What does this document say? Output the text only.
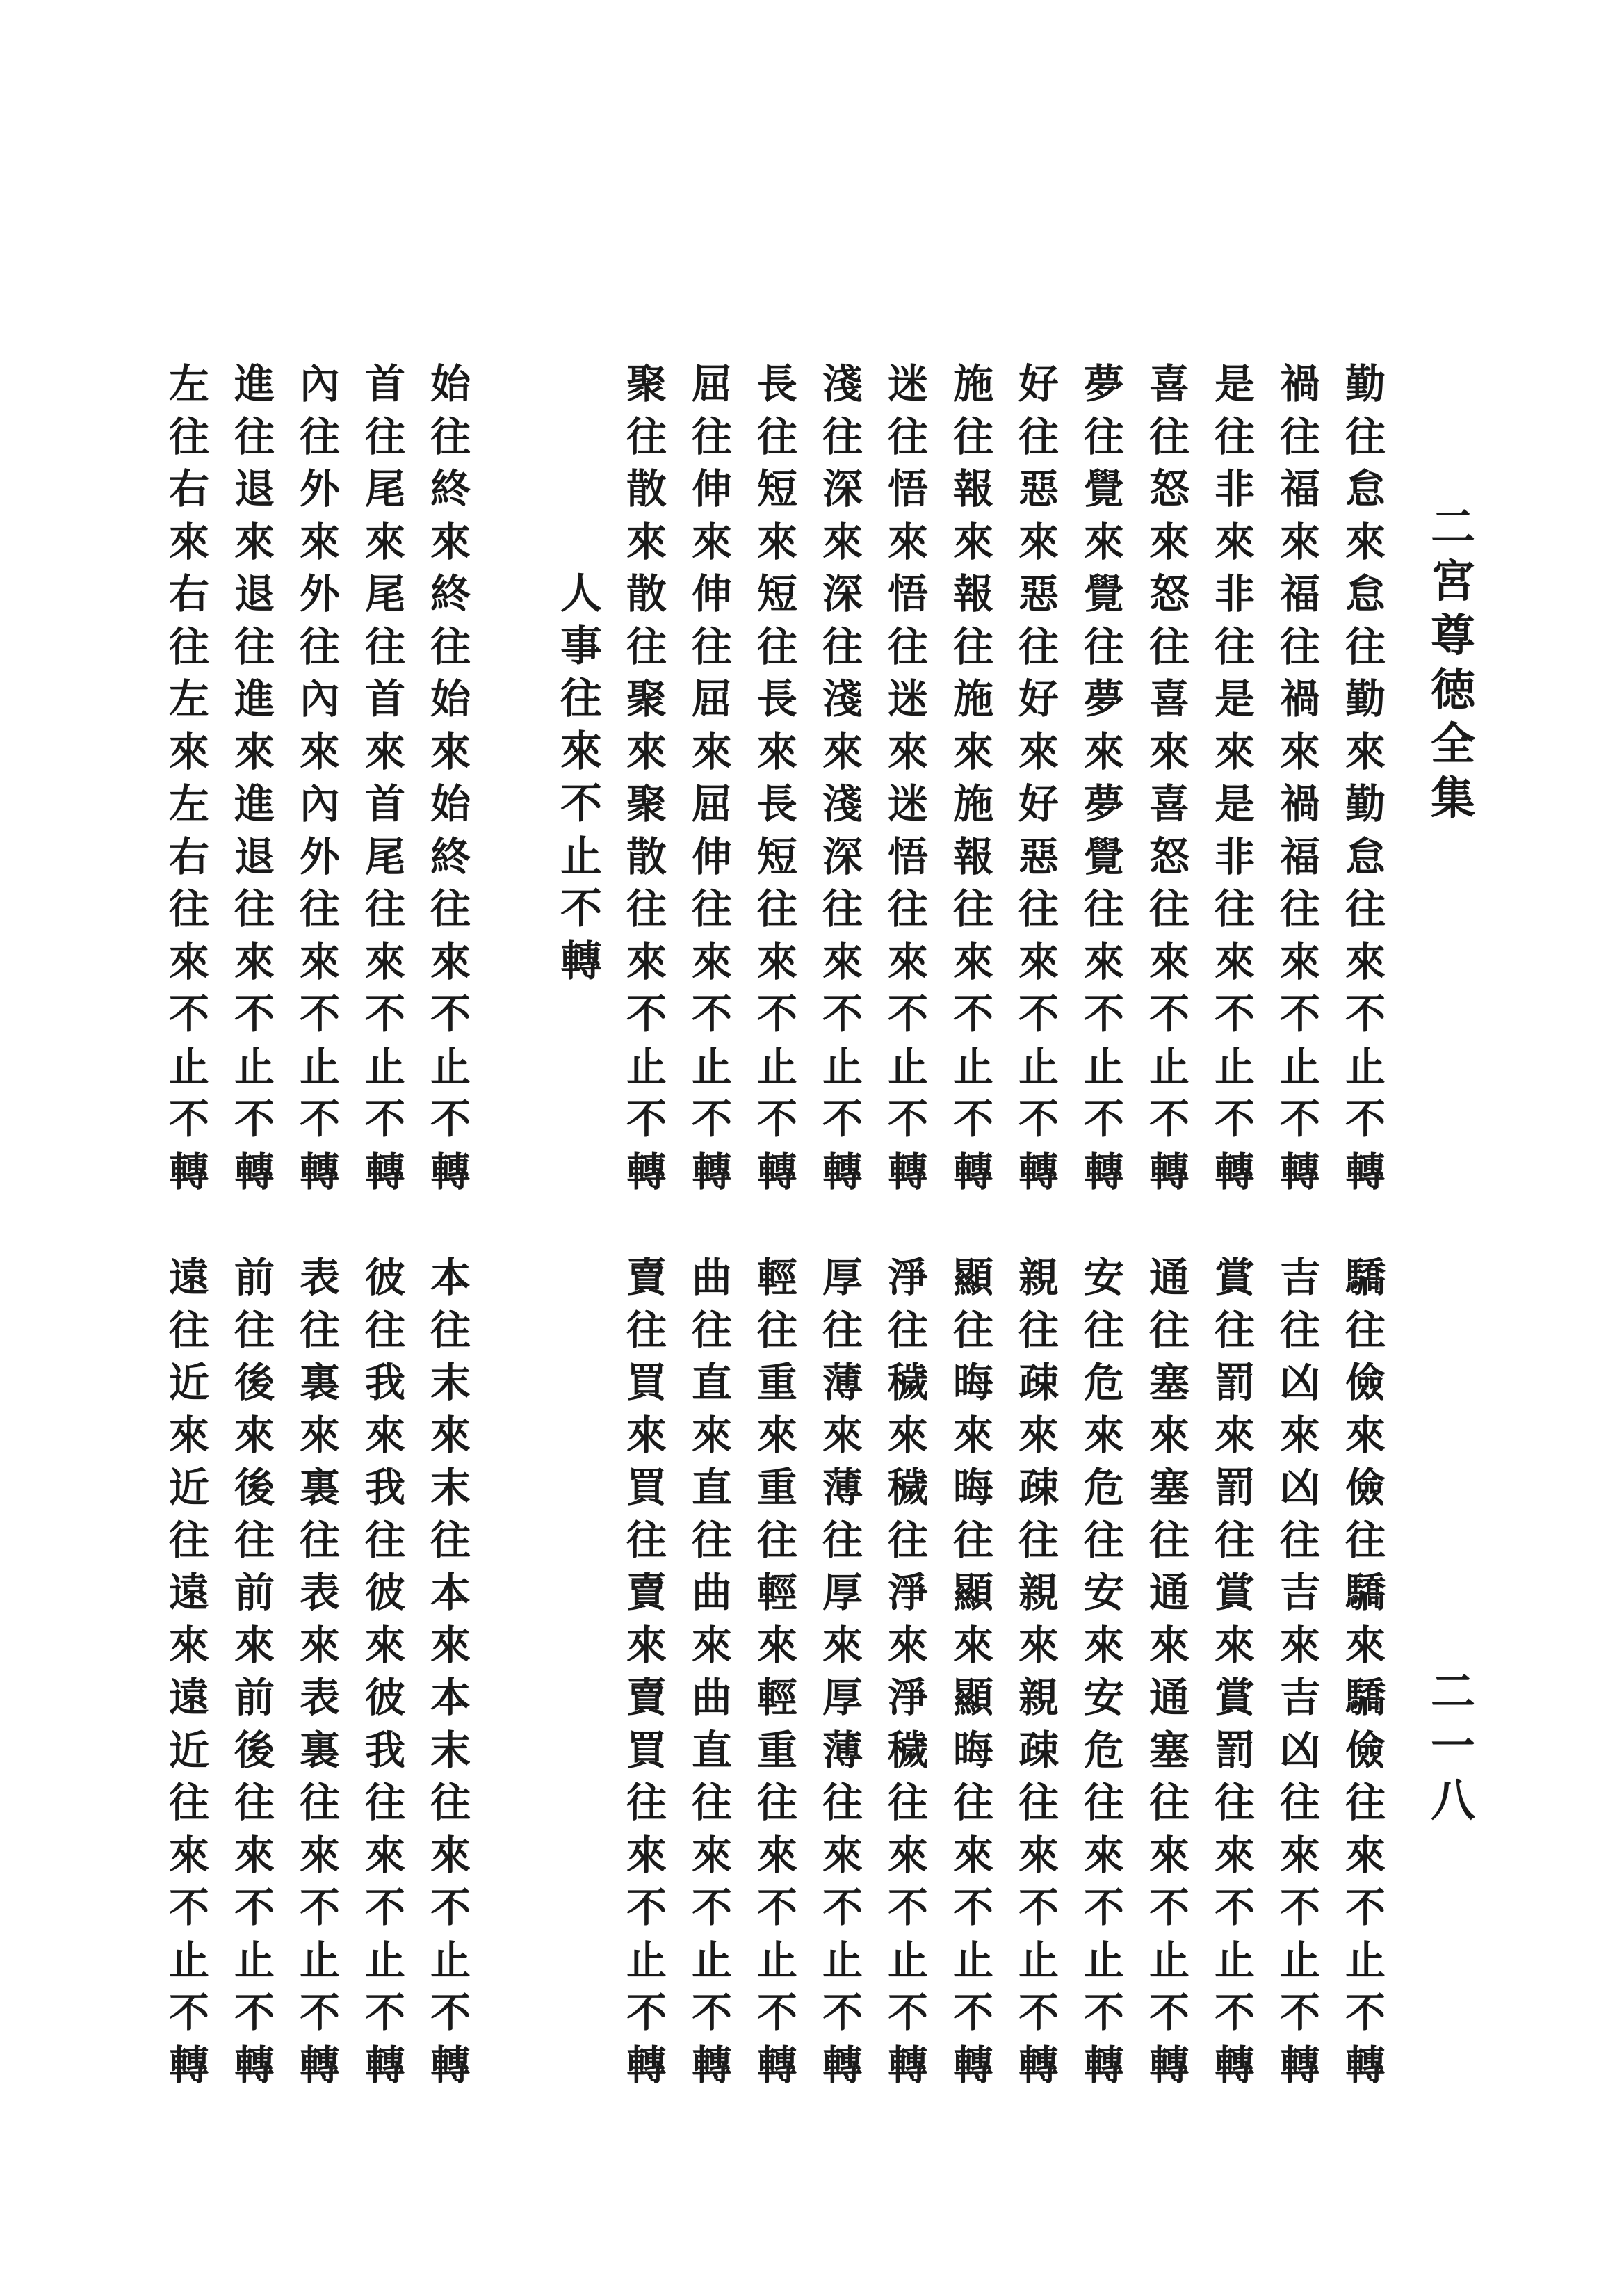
二
宮
尊
徳
全
集
二
一
八
勤
往
怠
來
怠
往
勤
來
勤
怠
往
來
不
止
不
轉
禍
往
福
來
福
往
禍
來
禍
福
往
來
不
止
不
轉
是
往
非
來
非
往
是
來
是
非
往
來
不
止
不
轉
喜
往
怒
來
怒
往
喜
來
喜
怒
往
來
不
止
不
轉
夢
往
覺
來
覺
往
夢
來
夢
覺
往
來
不
止
不
轉
好
往
惡
來
惡
往
好
來
好
惡
往
來
不
止
不
轉
施
往
報
來
報
往
施
來
施
報
往
來
不
止
不
轉
迷
往
悟
來
悟
往
迷
來
迷
悟
往
來
不
止
不
轉
淺
往
深
來
深
往
淺
來
淺
深
往
來
不
止
不
轉
長
往
短
來
短
往
長
來
長
短
往
來
不
止
不
轉
屈
往
伸
來
伸
往
屈
來
屈
伸
往
來
不
止
不
轉
聚
往
散
來
散
往
聚
來
聚
散
往
來
不
止
不
轉
人
事
往
來
不
止
不
轉
始
往
終
來
終
往
始
來
始
終
往
來
不
止
不
轉
首
往
尾
來
尾
往
首
來
首
尾
往
來
不
止
不
轉
內
往
外
來
外
往
內
來
內
外
往
來
不
止
不
轉
進
往
退
來
退
往
進
來
進
退
往
來
不
止
不
轉
左
往
右
來
右
往
左
來
左
右
往
來
不
止
不
轉
驕
往
儉
來
儉
往
驕
來
驕
儉
往
來
不
止
不
轉
吉
往
凶
來
凶
往
吉
來
吉
凶
往
來
不
止
不
轉
賞
往
罰
來
罰
往
賞
來
賞
罰
往
來
不
止
不
轉
通
往
塞
來
塞
往
通
來
通
塞
往
來
不
止
不
轉
安
往
危
來
危
往
安
來
安
危
往
來
不
止
不
轉
親
往
疎
來
疎
往
親
來
親
疎
往
來
不
止
不
轉
顯
往
晦
來
晦
往
顯
來
顯
晦
往
來
不
止
不
轉
淨
往
穢
來
穢
往
淨
來
淨
穢
往
來
不
止
不
轉
厚
往
薄
來
薄
往
厚
來
厚
薄
往
來
不
止
不
轉
輕
往
重
來
重
往
輕
來
輕
重
往
來
不
止
不
轉
曲
往
直
來
直
往
曲
來
曲
直
往
來
不
止
不
轉
賣
往
買
來
買
往
賣
來
賣
買
往
來
不
止
不
轉
本
往
末
來
末
往
本
來
本
末
往
來
不
止
不
轉
彼
往
我
來
我
往
彼
來
彼
我
往
來
不
止
不
轉
表
往
裏
來
裏
往
表
來
表
裏
往
來
不
止
不
轉
前
往
後
來
後
往
前
來
前
後
往
來
不
止
不
轉
遠
往
近
來
近
往
遠
來
遠
近
往
來
不
止
不
轉
